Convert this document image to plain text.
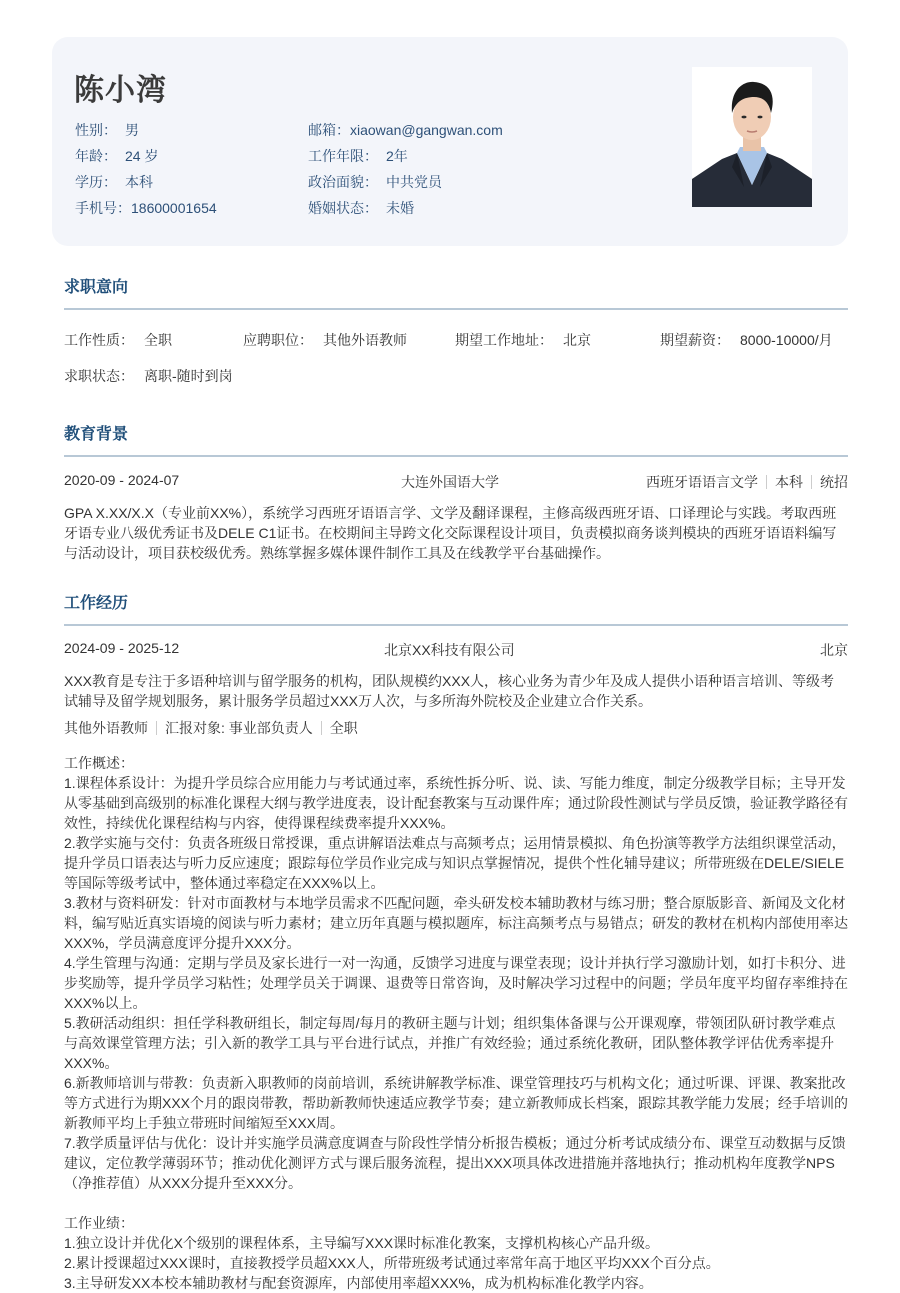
陈小湾
性别： 男
年龄： 24 岁
学历： 本科
手机号：18600001654
邮箱：xiaowan@gangwan.com
工作年限： 2年
政治面貌： 中共党员
婚姻状态： 未婚
求职意向
工作性质： 全职	应聘职位： 其他外语教师	期望工作地址： 北京	期望薪资： 8000-10000/月
求职状态： 离职-随时到岗
教育背景
2020-09 - 2024-07	大连外国语大学	西班牙语语言文学 本科 统招
GPA X.XX/X.X（专业前XX%），系统学习西班牙语语言学、文学及翻译课程，主修高级西班牙语、口译理论与实践。考取西班牙语专业八级优秀证书及DELE C1证书。在校期间主导跨文化交际课程设计项目，负责模拟商务谈判模块的西班牙语语料编写与活动设计，项目获校级优秀。熟练掌握多媒体课件制作工具及在线教学平台基础操作。
工作经历
2024-09 - 2025-12	北京XX科技有限公司	北京
XXX教育是专注于多语种培训与留学服务的机构，团队规模约XXX人，核心业务为青少年及成人提供小语种语言培训、等级考试辅导及留学规划服务，累计服务学员超过XXX万人次，与多所海外院校及企业建立合作关系。
其他外语教师 汇报对象: 事业部负责人 全职
工作概述：
1.课程体系设计：为提升学员综合应用能力与考试通过率，系统性拆分听、说、读、写能力维度，制定分级教学目标；主导开发从零基础到高级别的标准化课程大纲与教学进度表，设计配套教案与互动课件库；通过阶段性测试与学员反馈，验证教学路径有效性，持续优化课程结构与内容，使得课程续费率提升XXX%。
2.教学实施与交付：负责各班级日常授课，重点讲解语法难点与高频考点；运用情景模拟、角色扮演等教学方法组织课堂活动，提升学员口语表达与听力反应速度；跟踪每位学员作业完成与知识点掌握情况，提供个性化辅导建议；所带班级在DELE/SIELE等国际等级考试中，整体通过率稳定在XXX%以上。
3.教材与资料研发：针对市面教材与本地学员需求不匹配问题，牵头研发校本辅助教材与练习册；整合原版影音、新闻及文化材料，编写贴近真实语境的阅读与听力素材；建立历年真题与模拟题库，标注高频考点与易错点；研发的教材在机构内部使用率达XXX%，学员满意度评分提升XXX分。
4.学生管理与沟通：定期与学员及家长进行一对一沟通，反馈学习进度与课堂表现；设计并执行学习激励计划，如打卡积分、进步奖励等，提升学员学习粘性；处理学员关于调课、退费等日常咨询，及时解决学习过程中的问题；学员年度平均留存率维持在XXX%以上。
5.教研活动组织：担任学科教研组长，制定每周/每月的教研主题与计划；组织集体备课与公开课观摩，带领团队研讨教学难点与高效课堂管理方法；引入新的教学工具与平台进行试点，并推广有效经验；通过系统化教研，团队整体教学评估优秀率提升XXX%。
6.新教师培训与带教：负责新入职教师的岗前培训，系统讲解教学标准、课堂管理技巧与机构文化；通过听课、评课、教案批改等方式进行为期XXX个月的跟岗带教，帮助新教师快速适应教学节奏；建立新教师成长档案，跟踪其教学能力发展；经手培训的新教师平均上手独立带班时间缩短至XXX周。
7.教学质量评估与优化：设计并实施学员满意度调查与阶段性学情分析报告模板；通过分析考试成绩分布、课堂互动数据与反馈建议，定位教学薄弱环节；推动优化测评方式与课后服务流程，提出XXX项具体改进措施并落地执行；推动机构年度教学NPS（净推荐值）从XXX分提升至XXX分。
工作业绩：
1.独立设计并优化X个级别的课程体系，主导编写XXX课时标准化教案，支撑机构核心产品升级。
2.累计授课超过XXX课时，直接教授学员超XXX人，所带班级考试通过率常年高于地区平均XXX个百分点。
3.主导研发XX本校本辅助教材与配套资源库，内部使用率超XXX%，成为机构标准化教学内容。
